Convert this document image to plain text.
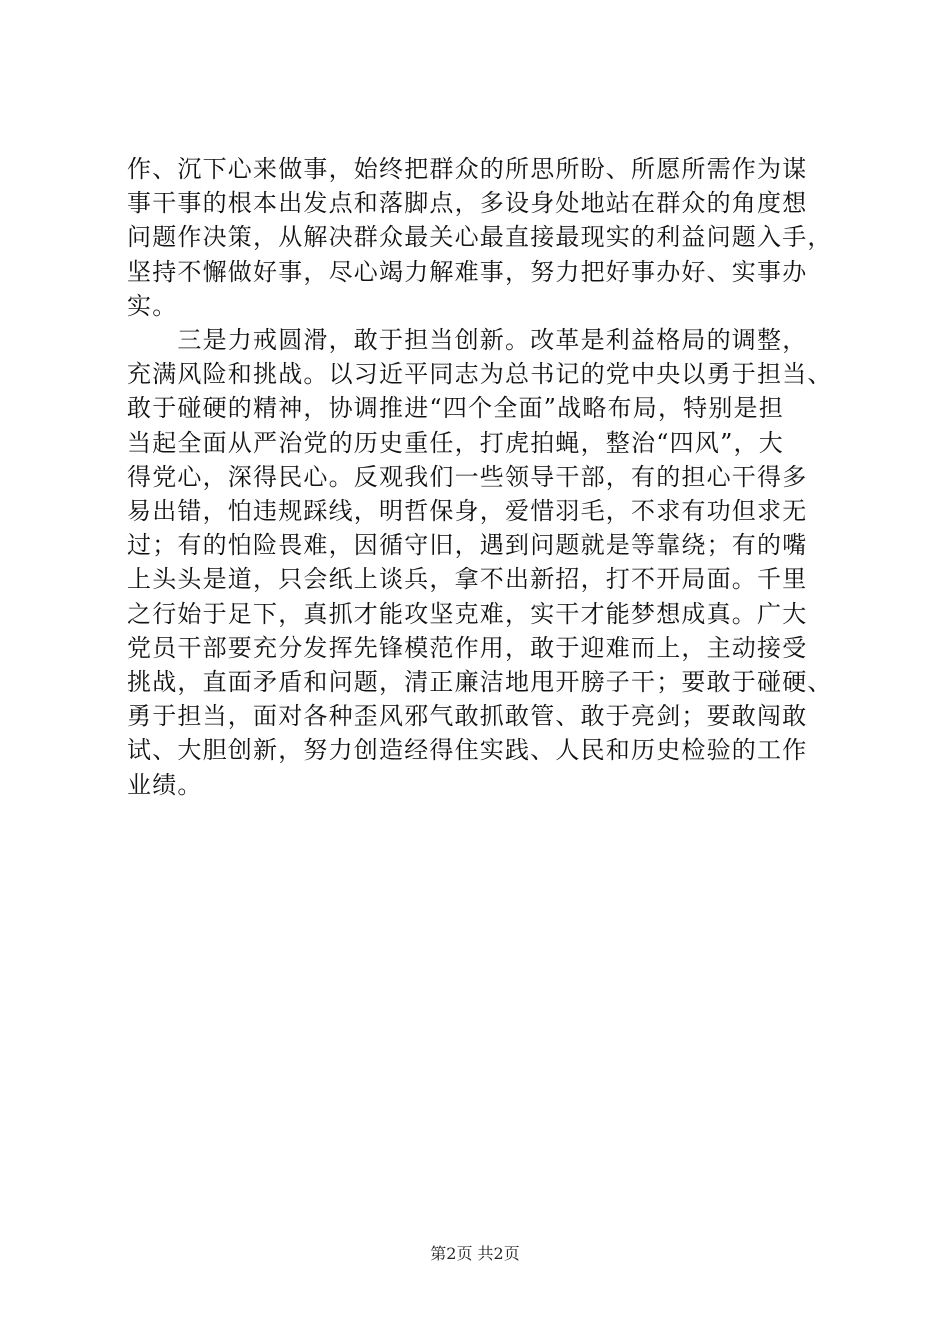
作、沉下心来做事，始终把群众的所思所盼、所愿所需作为谋
事干事的根本出发点和落脚点，多设身处地站在群众的角度想
问题作决策，从解决群众最关心最直接最现实的利益问题入手，
坚持不懈做好事，尽心竭力解难事，努力把好事办好、实事办
实。
　　三是力戒圆滑，敢于担当创新。改革是利益格局的调整，
充满风险和挑战。以习近平同志为总书记的党中央以勇于担当、
敢于碰硬的精神，协调推进“四个全面”战略布局，特别是担
当起全面从严治党的历史重任，打虎拍蝇，整治“四风”，大
得党心，深得民心。反观我们一些领导干部，有的担心干得多
易出错，怕违规踩线，明哲保身，爱惜羽毛，不求有功但求无
过；有的怕险畏难，因循守旧，遇到问题就是等靠绕；有的嘴
上头头是道，只会纸上谈兵，拿不出新招，打不开局面。千里
之行始于足下，真抓才能攻坚克难，实干才能梦想成真。广大
党员干部要充分发挥先锋模范作用，敢于迎难而上，主动接受
挑战，直面矛盾和问题，清正廉洁地甩开膀子干；要敢于碰硬、
勇于担当，面对各种歪风邪气敢抓敢管、敢于亮剑；要敢闯敢
试、大胆创新，努力创造经得住实践、人民和历史检验的工作
业绩。
第2页 共2页
